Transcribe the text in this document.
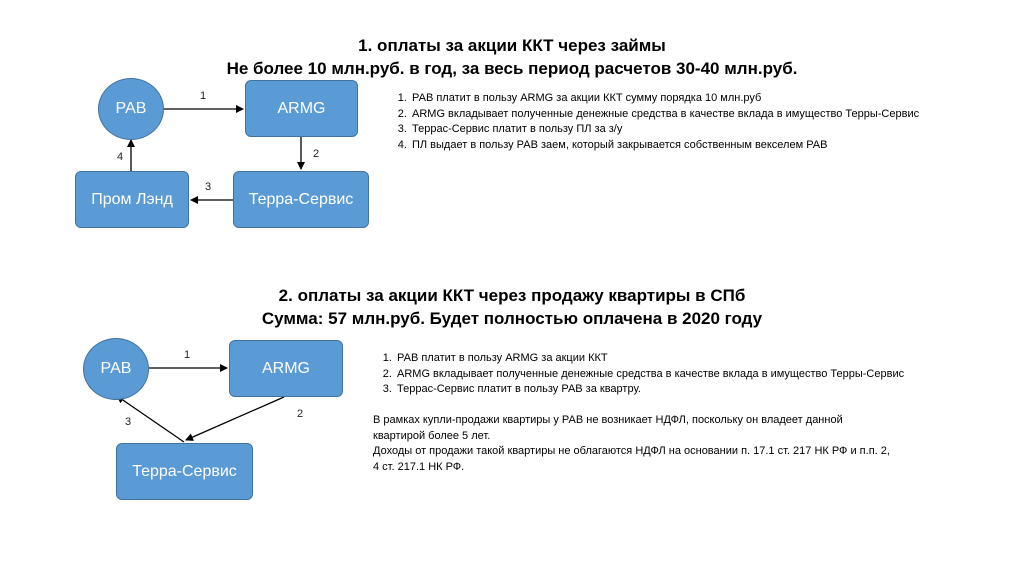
1. оплаты за акции ККТ через займы
Не более 10 млн.руб. в год, за весь период расчетов 30-40 млн.руб.
РАВ	ARMG
Терра-Сервис
Пром Лэнд
1
2
3
4
1. РАВ платит в пользу ARMG за акции ККТ сумму порядка 10 млн.руб
2. ARMG вкладывает полученные денежные средства в качестве вклада в имущество Терры-Сервис
3. Террас-Сервис платит в пользу ПЛ за з/у
4. ПЛ выдает в пользу РАВ заем, который закрывается собственным векселем РАВ
2. оплаты за акции ККТ через продажу квартиры в СПб
Сумма: 57 млн.руб. Будет полностью оплачена в 2020 году
РАВ	ARMG
Терра-Сервис
1
2
3
1. РАВ платит в пользу ARMG за акции ККТ
2. ARMG вкладывает полученные денежные средства в качестве вклада в имущество Терры-Сервис
3. Террас-Сервис платит в пользу РАВ за квартру.
В рамках купли-продажи квартиры у РАВ не возникает НДФЛ, поскольку он владеет данной
квартирой более 5 лет.
Доходы от продажи такой квартиры не облагаются НДФЛ на основании п. 17.1 ст. 217 НК РФ и п.п. 2,
4 ст. 217.1 НК РФ.
